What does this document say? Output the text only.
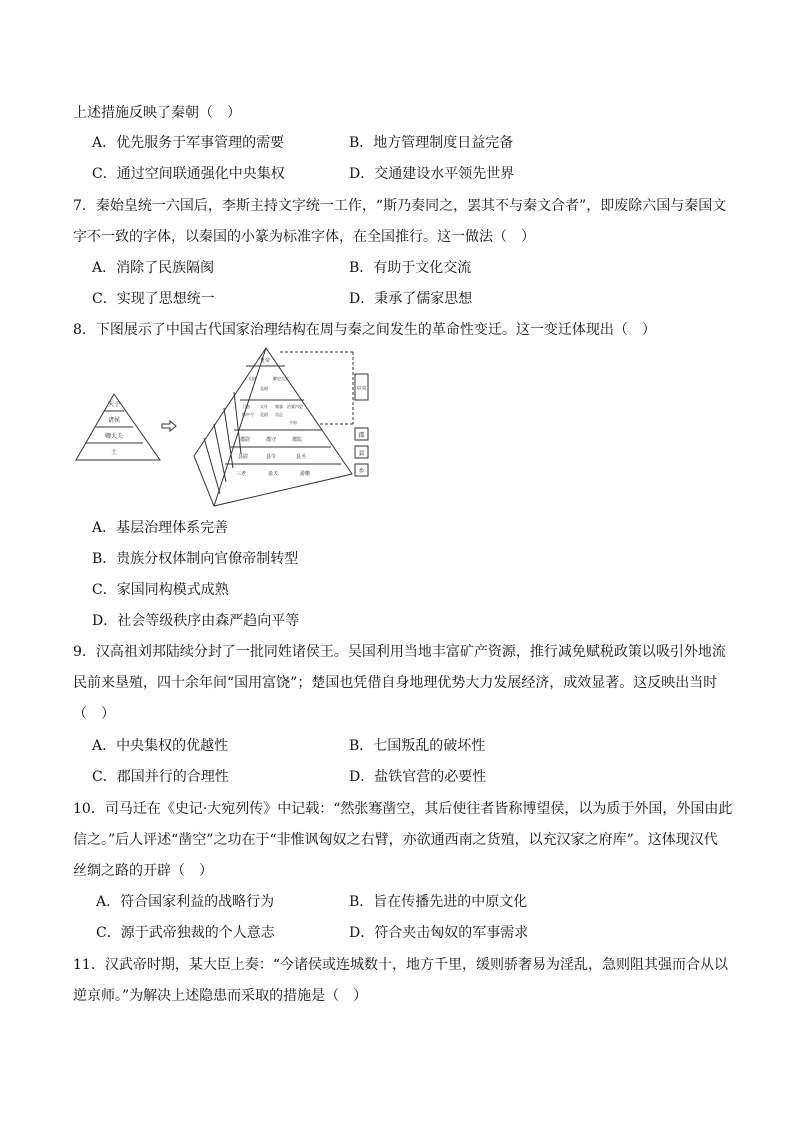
上述措施反映了秦朝（　）
A．优先服务于军事管理的需要	B．地方管理制度日益完备
C．通过空间联通强化中央集权	D．交通建设水平领先世界
7．秦始皇统一六国后，李斯主持文字统一工作，“斯乃奏同之，罢其不与秦文合者”，即废除六国与秦国文
字不一致的字体，以秦国的小篆为标准字体，在全国推行。这一做法（　）
A．消除了民族隔阂	B．有助于文化交流
C．实现了思想统一	D．秉承了儒家思想
8．下图展示了中国古代国家治理结构在周与秦之间发生的革命性变迁。这一变迁体现出（　）
天子
诸侯
卿大夫
士
皇帝
太尉
丞相
御史大夫
卫尉
郎中令
太仆
廷尉
典客
宗正
治粟内史
少府
郡尉	郡守	郡监
县尉	县令	县丞
三老	啬夫	游徼
中央
郡
县
乡
A．基层治理体系完善
B．贵族分权体制向官僚帝制转型
C．家国同构模式成熟
D．社会等级秩序由森严趋向平等
9．汉高祖刘邦陆续分封了一批同姓诸侯王。吴国利用当地丰富矿产资源，推行减免赋税政策以吸引外地流
民前来垦殖，四十余年间“国用富饶”；楚国也凭借自身地理优势大力发展经济，成效显著。这反映出当时
（　）
A．中央集权的优越性	B．七国叛乱的破坏性
C．郡国并行的合理性	D．盐铁官营的必要性
10．司马迁在《史记·大宛列传》中记载：“然张骞凿空，其后使往者皆称博望侯，以为质于外国，外国由此
信之。”后人评述“凿空”之功在于“非惟讽匈奴之右臂，亦欲通西南之货殖，以充汉家之府库”。这体现汉代
丝绸之路的开辟（　）
A．符合国家利益的战略行为	B．旨在传播先进的中原文化
C．源于武帝独裁的个人意志	D．符合夹击匈奴的军事需求
11．汉武帝时期，某大臣上奏：“今诸侯或连城数十，地方千里，缓则骄奢易为淫乱，急则阻其强而合从以
逆京师。”为解决上述隐患而采取的措施是（　）
